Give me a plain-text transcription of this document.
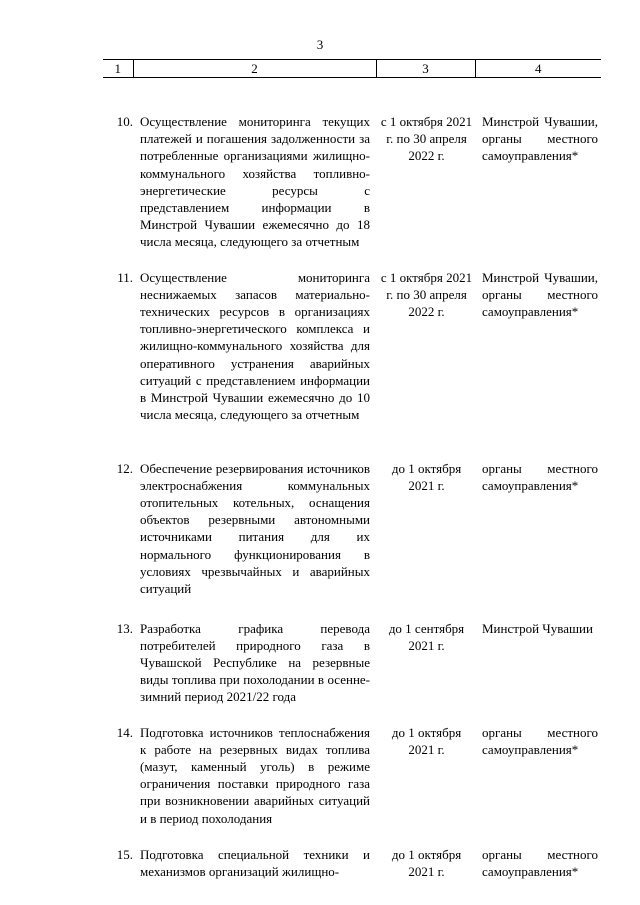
3
1	2	3	4
10.	Осуществление мониторинга текущих платежей и погашения задолженности за потребленные организациями жилищно-коммунального хозяйства топливно-энергетические ресурсы с представлением информации в Минстрой Чувашии ежемесячно до 18 числа месяца, следующего за отчетным	с 1 октября 2021 г. по 30 апреля 2022 г.	Минстрой Чувашии, органы местного самоуправления*
11.	Осуществление мониторинга неснижаемых запасов материально-технических ресурсов в организациях топливно-энергетического комплекса и жилищно-коммунального хозяйства для оперативного устранения аварийных ситуаций с представлением информации в Минстрой Чувашии ежемесячно до 10 числа месяца, следующего за отчетным	с 1 октября 2021 г. по 30 апреля 2022 г.	Минстрой Чувашии, органы местного самоуправления*
12.	Обеспечение резервирования источников электроснабжения коммунальных отопительных котельных, оснащения объектов резервными автономными источниками питания для их нормального функционирования в условиях чрезвычайных и аварийных ситуаций	до 1 октября 2021 г.	органы местного самоуправления*
13.	Разработка графика перевода потребителей природного газа в Чувашской Республике на резервные виды топлива при похолодании в осенне-зимний период 2021/22 года	до 1 сентября 2021 г.	Минстрой Чувашии
14.	Подготовка источников теплоснабжения к работе на резервных видах топлива (мазут, каменный уголь) в режиме ограничения поставки природного газа при возникновении аварийных ситуаций и в период похолодания	до 1 октября 2021 г.	органы местного самоуправления*
15.	Подготовка специальной техники и механизмов организаций жилищно-	до 1 октября 2021 г.	органы местного самоуправления*
